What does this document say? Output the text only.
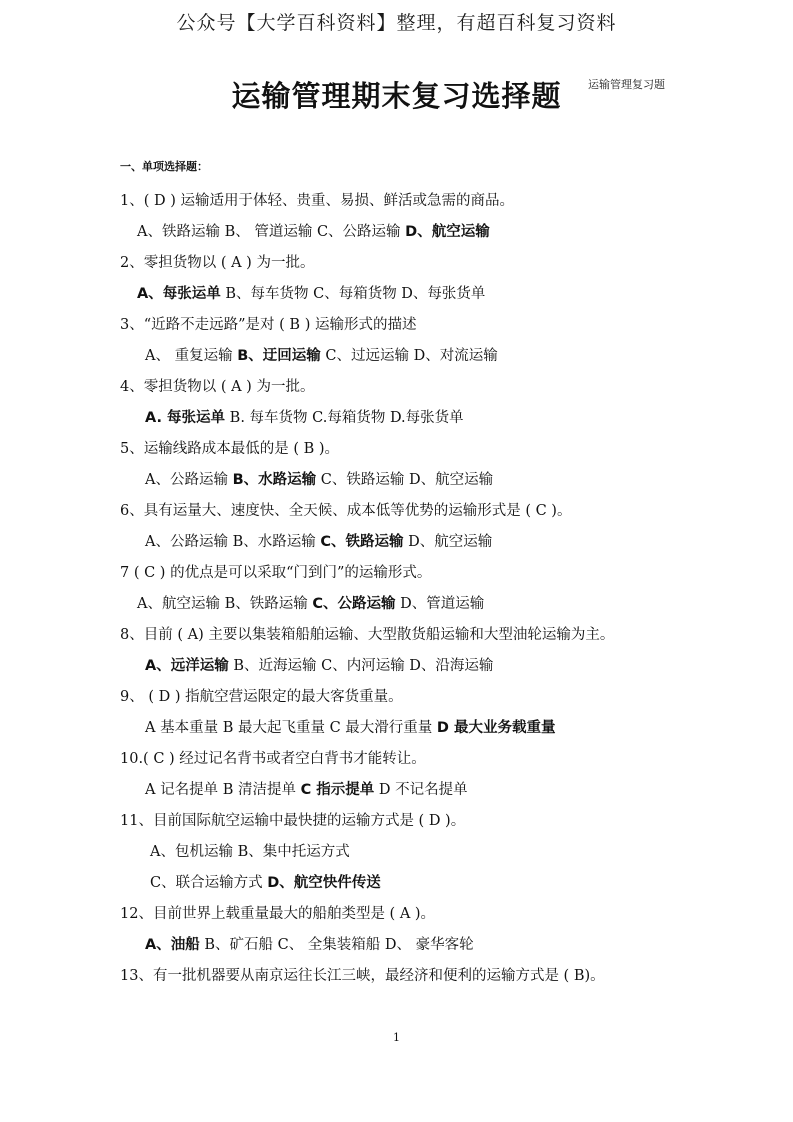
公众号【大学百科资料】整理，有超百科复习资料
运输管理期末复习选择题	运输管理复习题
一、单项选择题：
1、( D ) 运输适用于体轻、贵重、易损、鲜活或急需的商品。
A、铁路运输 B、 管道运输 C、公路运输 D、航空运输
2、零担货物以 ( A ) 为一批。
A、每张运单 B、每车货物 C、每箱货物 D、每张货单
3、“近路不走远路”是对 ( B ) 运输形式的描述
A、 重复运输 B、迂回运输 C、过远运输 D、对流运输
4、零担货物以 ( A ) 为一批。
A. 每张运单 B. 每车货物 C.每箱货物 D.每张货单
5、运输线路成本最低的是 ( B )。
A、公路运输 B、水路运输 C、铁路运输 D、航空运输
6、具有运量大、速度快、全天候、成本低等优势的运输形式是 ( C )。
A、公路运输 B、水路运输 C、铁路运输 D、航空运输
7 ( C ) 的优点是可以采取“门到门”的运输形式。
A、航空运输 B、铁路运输 C、公路运输 D、管道运输
8、目前 ( A) 主要以集装箱船舶运输、大型散货船运输和大型油轮运输为主。
A、远洋运输 B、近海运输 C、内河运输 D、沿海运输
9、 ( D ) 指航空营运限定的最大客货重量。
A 基本重量 B 最大起飞重量 C 最大滑行重量 D 最大业务载重量
10.( C ) 经过记名背书或者空白背书才能转让。
A 记名提单 B 清洁提单 C 指示提单 D 不记名提单
11、目前国际航空运输中最快捷的运输方式是 ( D )。
A、包机运输 B、集中托运方式
C、联合运输方式 D、航空快件传送
12、目前世界上载重量最大的船舶类型是 ( A )。
A、油船 B、矿石船 C、 全集装箱船 D、 豪华客轮
13、有一批机器要从南京运往长江三峡，最经济和便利的运输方式是 ( B)。
1
